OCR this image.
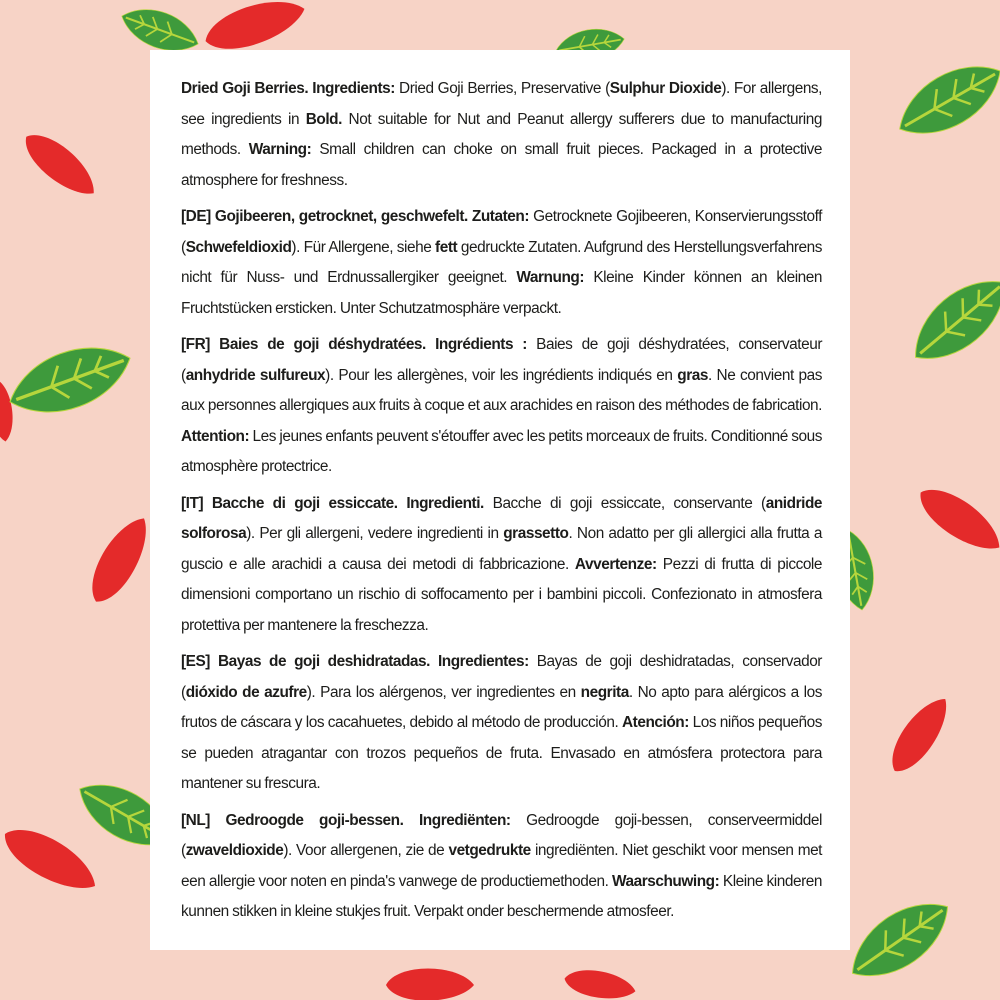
Dried Goji Berries. Ingredients: Dried Goji Berries, Preservative (Sulphur Dioxide). For allergens, see ingredients in Bold. Not suitable for Nut and Peanut allergy sufferers due to manufacturing methods. Warning: Small children can choke on small fruit pieces. Packaged in a protective atmosphere for freshness.

[DE] Gojibeeren, getrocknet, geschwefelt. Zutaten: Getrocknete Gojibeeren, Konservierungsstoff (Schwefeldioxid). Für Allergene, siehe fett gedruckte Zutaten. Aufgrund des Herstellungsverfahrens nicht für Nuss- und Erdnussallergiker geeignet. Warnung: Kleine Kinder können an kleinen Fruchtstücken ersticken. Unter Schutzatmosphäre verpackt.

[FR] Baies de goji déshydratées. Ingrédients : Baies de goji déshydratées, conservateur (anhydride sulfureux). Pour les allergènes, voir les ingrédients indiqués en gras. Ne convient pas aux personnes allergiques aux fruits à coque et aux arachides en raison des méthodes de fabrication. Attention: Les jeunes enfants peuvent s'étouffer avec les petits morceaux de fruits. Conditionné sous atmosphère protectrice.

[IT] Bacche di goji essiccate. Ingredienti. Bacche di goji essiccate, conservante (anidride solforosa). Per gli allergeni, vedere ingredienti in grassetto. Non adatto per gli allergici alla frutta a guscio e alle arachidi a causa dei metodi di fabbricazione. Avvertenze: Pezzi di frutta di piccole dimensioni comportano un rischio di soffocamento per i bambini piccoli. Confezionato in atmosfera protettiva per mantenere la freschezza.

[ES] Bayas de goji deshidratadas. Ingredientes: Bayas de goji deshidratadas, conservador (dióxido de azufre). Para los alérgenos, ver ingredientes en negrita. No apto para alérgicos a los frutos de cáscara y los cacahuetes, debido al método de producción. Atención: Los niños pequeños se pueden atragantar con trozos pequeños de fruta. Envasado en atmósfera protectora para mantener su frescura.

[NL] Gedroogde goji-bessen. Ingrediënten: Gedroogde goji-bessen, conserveermiddel (zwaveldioxide). Voor allergenen, zie de vetgedrukte ingrediënten. Niet geschikt voor mensen met een allergie voor noten en pinda's vanwege de productiemethoden. Waarschuwing: Kleine kinderen kunnen stikken in kleine stukjes fruit. Verpakt onder beschermende atmosfeer.
